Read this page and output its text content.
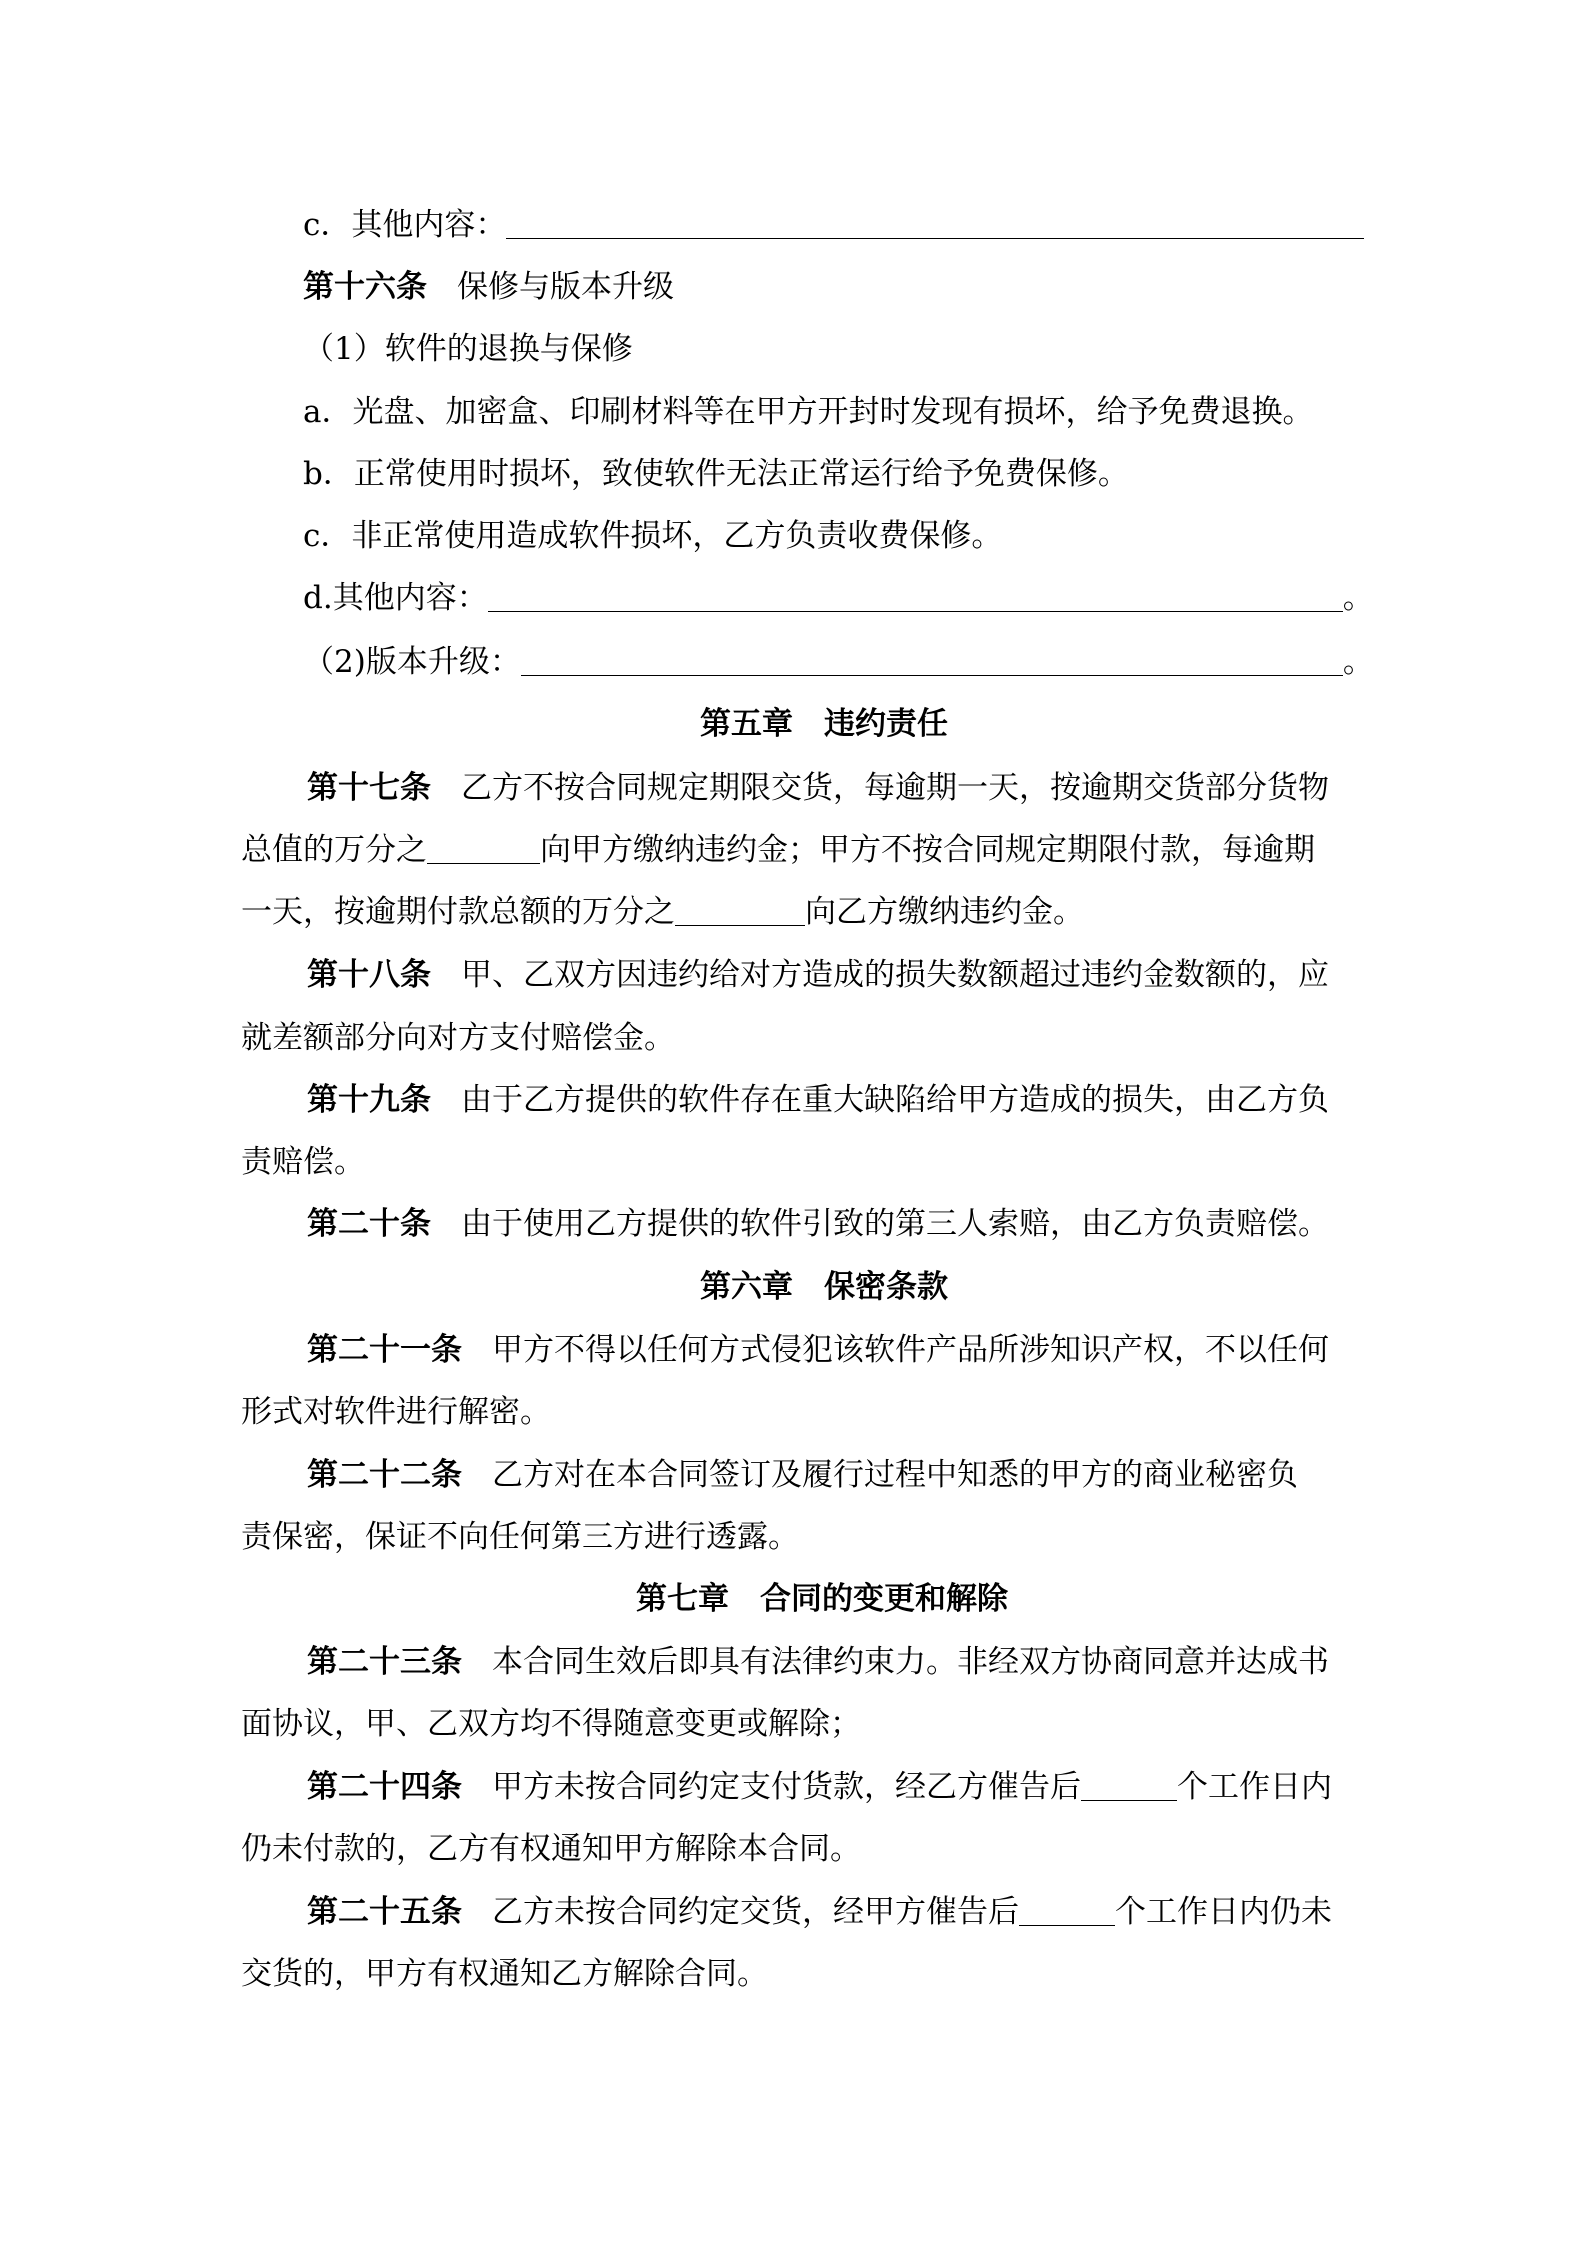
c．其他内容：
第十六条 保修与版本升级
（1）软件的退换与保修
a．光盘、加密盒、印刷材料等在甲方开封时发现有损坏，给予免费退换。
b．正常使用时损坏，致使软件无法正常运行给予免费保修。
c．非正常使用造成软件损坏，乙方负责收费保修。
d.其他内容：	。
（2)版本升级：	。
第五章　违约责任
第十七条 乙方不按合同规定期限交货，每逾期一天，按逾期交货部分货物
总值的万分之	向甲方缴纳违约金；甲方不按合同规定期限付款，每逾期
一天，按逾期付款总额的万分之	向乙方缴纳违约金。
第十八条 甲、乙双方因违约给对方造成的损失数额超过违约金数额的，应
就差额部分向对方支付赔偿金。
第十九条 由于乙方提供的软件存在重大缺陷给甲方造成的损失，由乙方负
责赔偿。
第二十条 由于使用乙方提供的软件引致的第三人索赔，由乙方负责赔偿。
第六章　保密条款
第二十一条 甲方不得以任何方式侵犯该软件产品所涉知识产权，不以任何
形式对软件进行解密。
第二十二条 乙方对在本合同签订及履行过程中知悉的甲方的商业秘密负
责保密，保证不向任何第三方进行透露。
第七章　合同的变更和解除
第二十三条 本合同生效后即具有法律约束力。非经双方协商同意并达成书
面协议，甲、乙双方均不得随意变更或解除；
第二十四条 甲方未按合同约定支付货款，经乙方催告后	个工作日内
仍未付款的，乙方有权通知甲方解除本合同。
第二十五条 乙方未按合同约定交货，经甲方催告后	个工作日内仍未
交货的，甲方有权通知乙方解除合同。
